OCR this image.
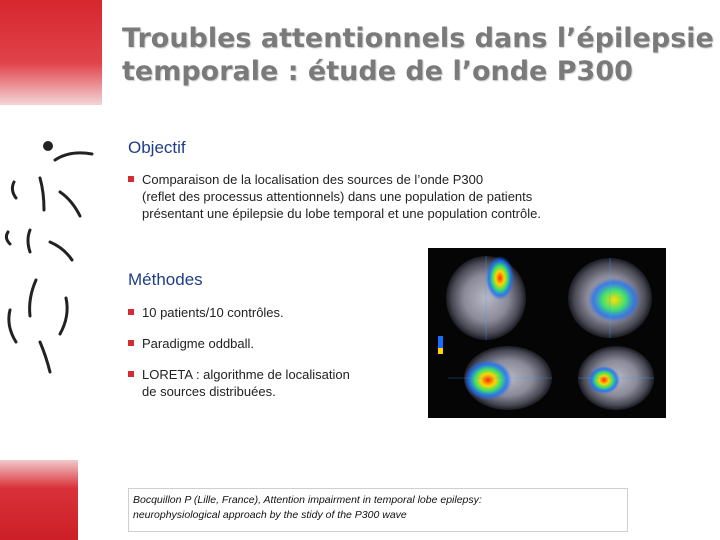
Troubles attentionnels dans l’épilepsie
temporale : étude de l’onde P300
Objectif
Comparaison de la localisation des sources de l’onde P300
(reflet des processus attentionnels) dans une population de patients
présentant une épilepsie du lobe temporal et une population contrôle.
Méthodes
10 patients/10 contrôles.
Paradigme oddball.
LORETA : algorithme de localisation
de sources distribuées.
Bocquillon P (Lille, France), Attention impairment in temporal lobe epilepsy:
neurophysiological approach by the stidy of the P300 wave
